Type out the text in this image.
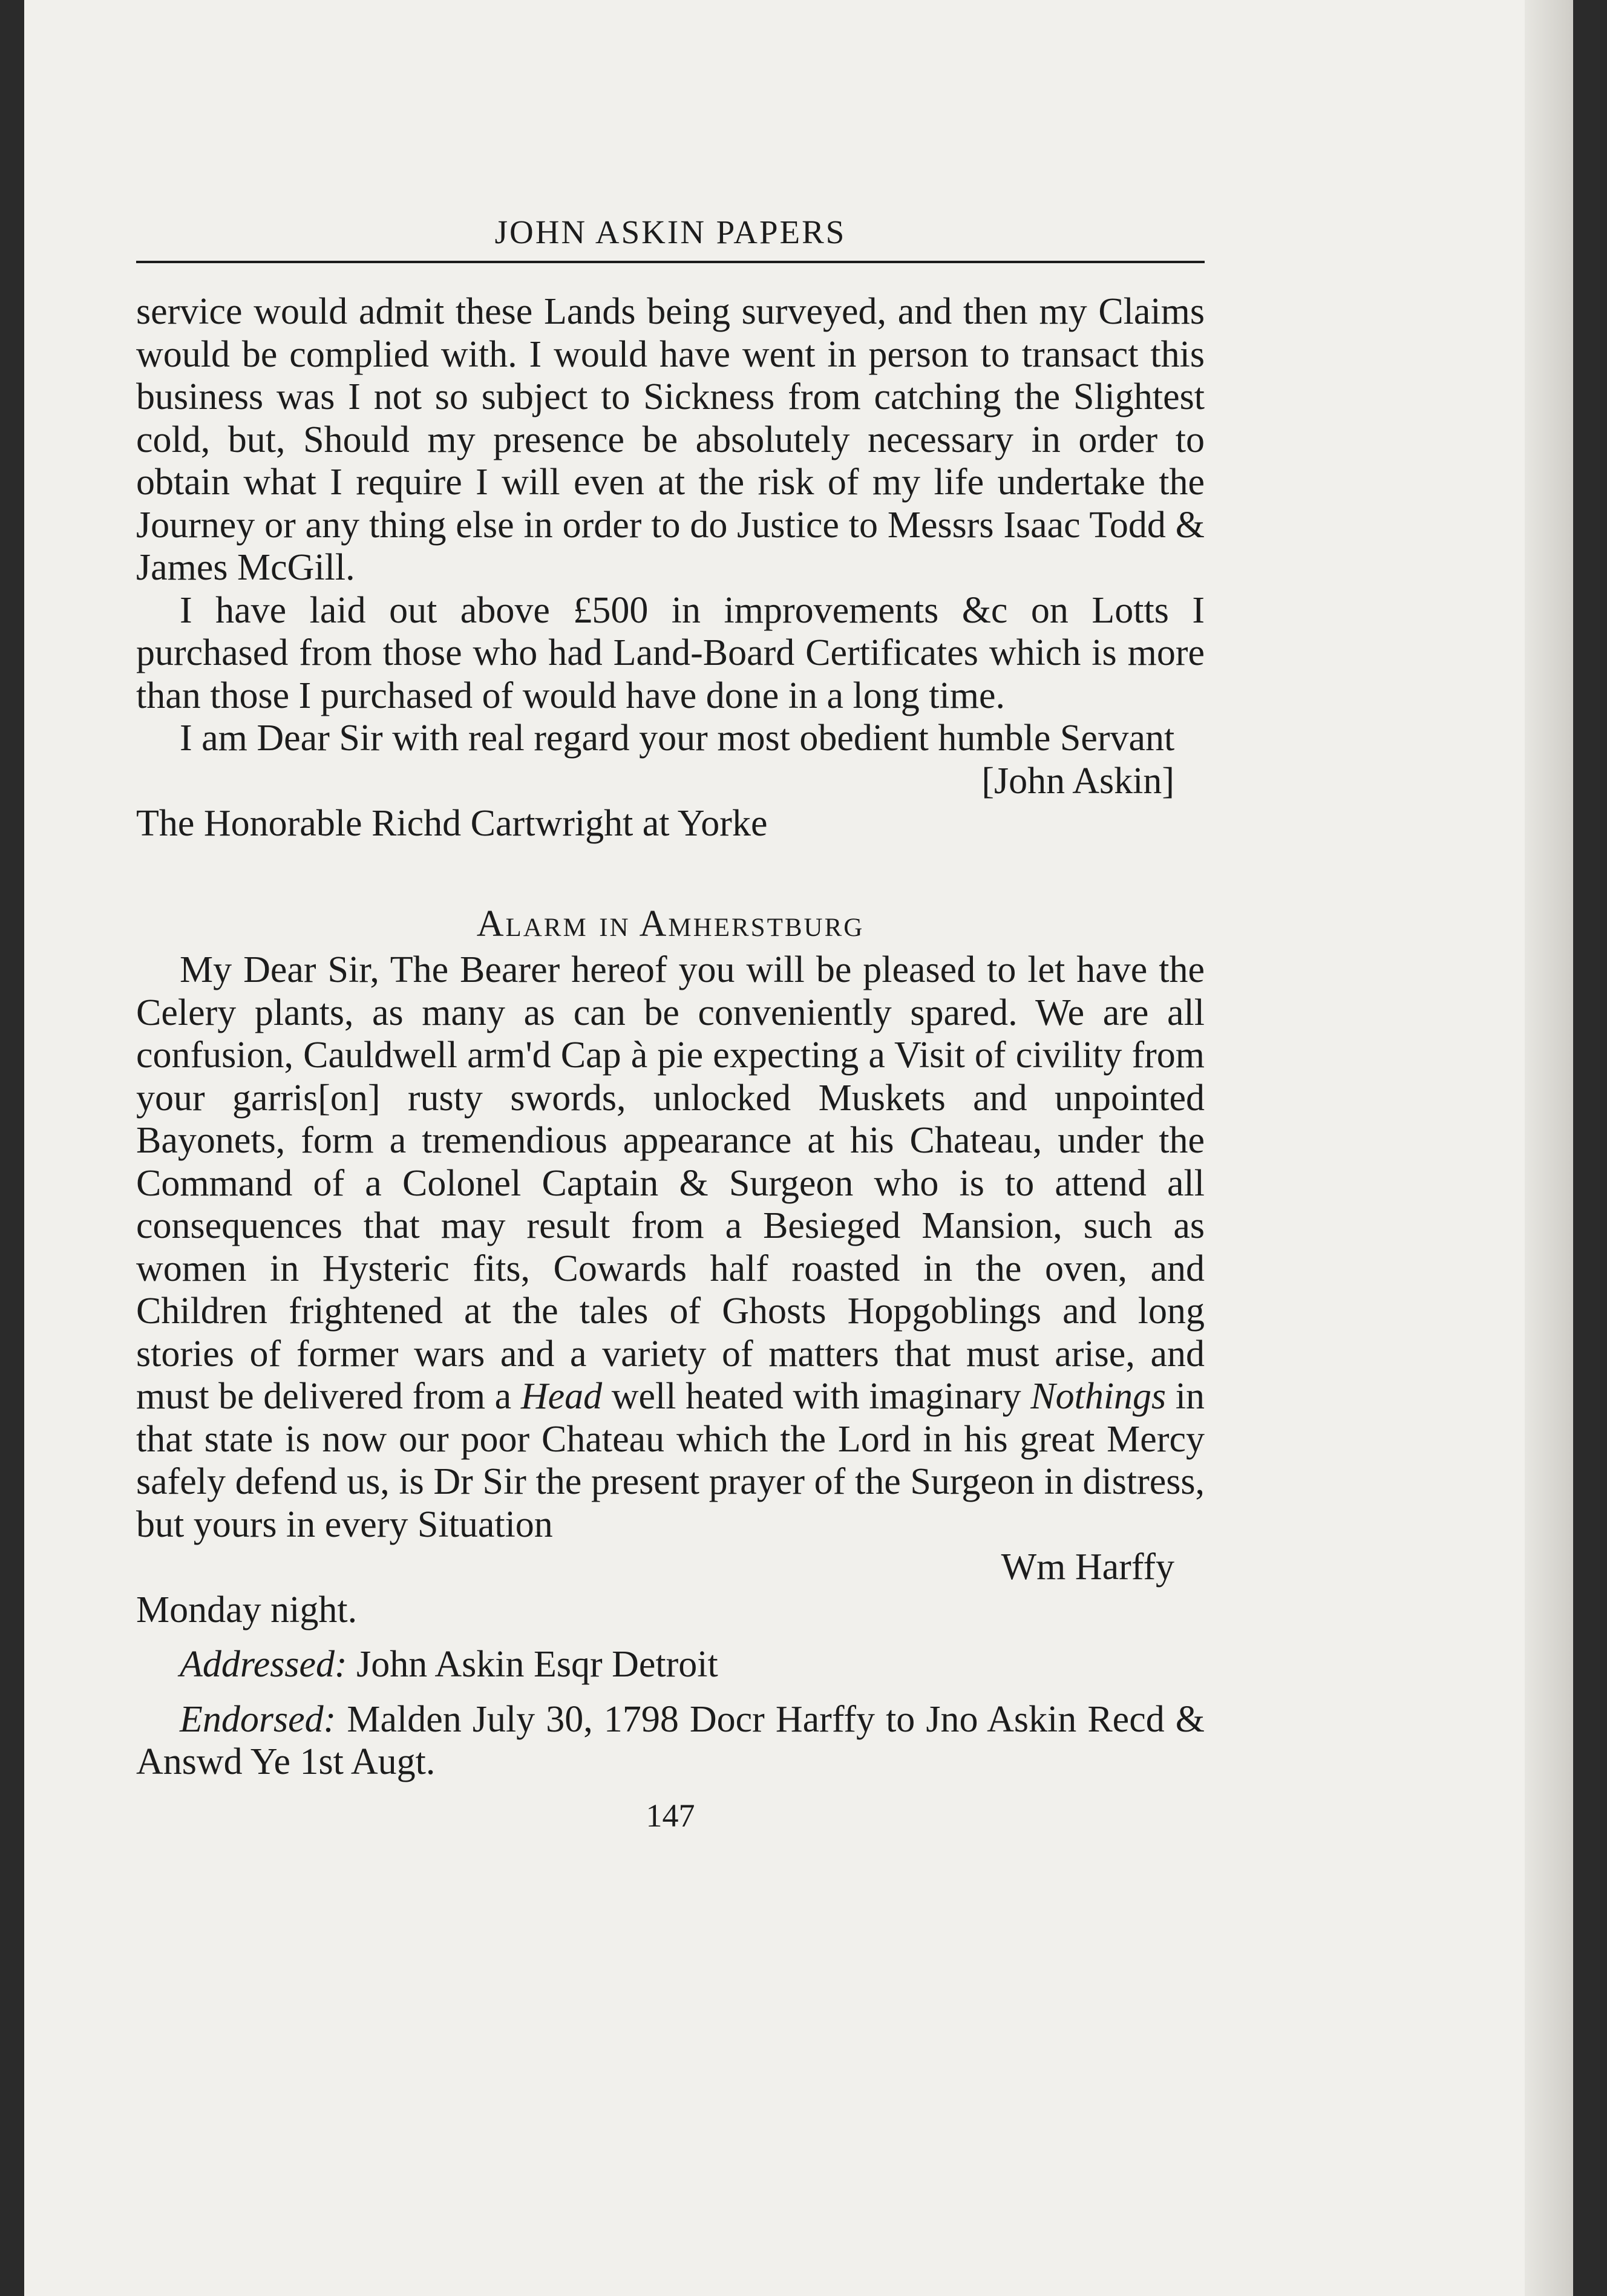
JOHN ASKIN PAPERS

service would admit these Lands being surveyed, and then my Claims would be complied with. I would have went in person to transact this business was I not so subject to Sickness from catching the Slightest cold, but, Should my presence be absolutely necessary in order to obtain what I require I will even at the risk of my life undertake the Journey or any thing else in order to do Justice to Messrs Isaac Todd & James McGill.

I have laid out above £500 in improvements &c on Lotts I purchased from those who had Land-Board Certificates which is more than those I purchased of would have done in a long time.

I am Dear Sir with real regard your most obedient humble Servant

[John Askin]

The Honorable Richd Cartwright at Yorke

Alarm in Amherstburg

My Dear Sir, The Bearer hereof you will be pleased to let have the Celery plants, as many as can be conveniently spared. We are all confusion, Cauldwell arm'd Cap à pie expecting a Visit of civility from your garris[on] rusty swords, unlocked Muskets and unpointed Bayonets, form a tremendious appearance at his Chateau, under the Command of a Colonel Captain & Surgeon who is to attend all consequences that may result from a Besieged Mansion, such as women in Hysteric fits, Cowards half roasted in the oven, and Children frightened at the tales of Ghosts Hopgoblings and long stories of former wars and a variety of matters that must arise, and must be delivered from a Head well heated with imaginary Nothings in that state is now our poor Chateau which the Lord in his great Mercy safely defend us, is Dr Sir the present prayer of the Surgeon in distress, but yours in every Situation

Wm Harffy

Monday night.

Addressed: John Askin Esqr Detroit

Endorsed: Malden July 30, 1798 Docr Harffy to Jno Askin Recd & Answd Ye 1st Augt.

147
